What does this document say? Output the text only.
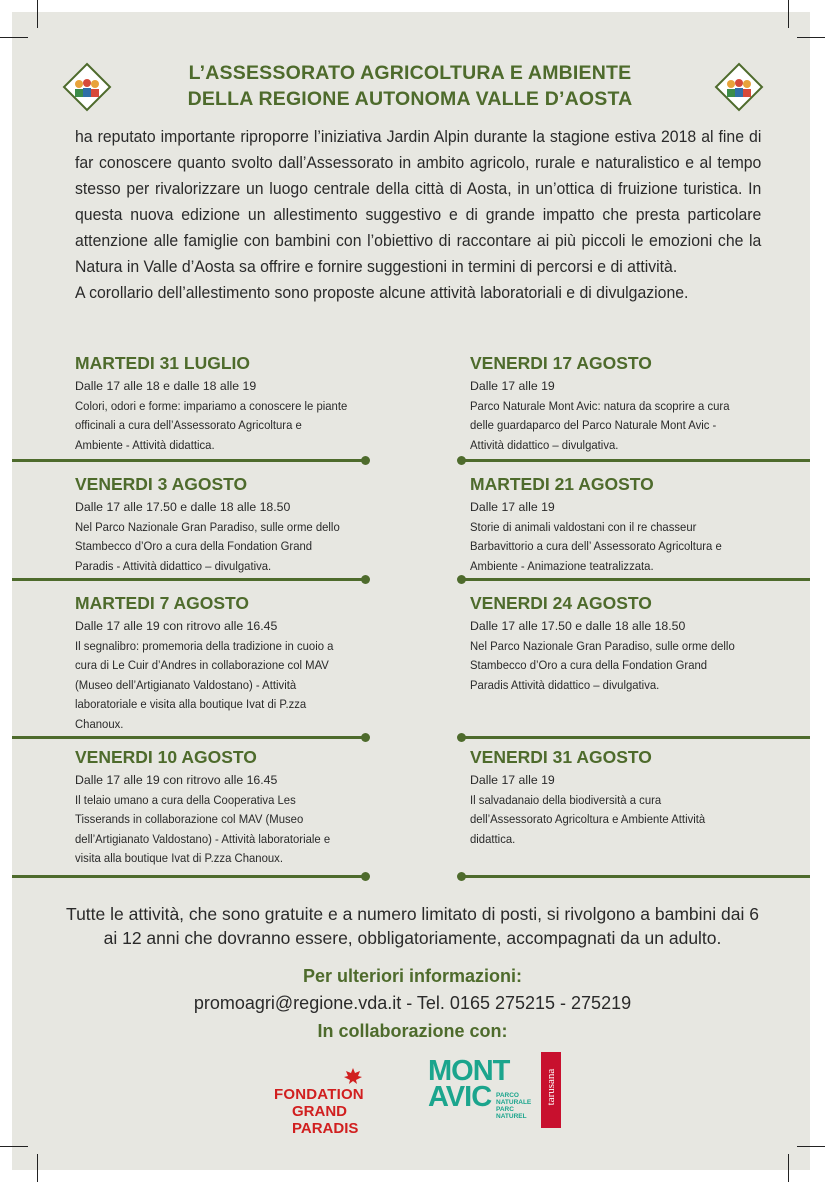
L’ASSESSORATO AGRICOLTURA E AMBIENTE
DELLA REGIONE AUTONOMA VALLE D’AOSTA

ha reputato importante riproporre l’iniziativa Jardin Alpin durante la stagione estiva 2018 al fine di far conoscere quanto svolto dall’Assessorato in ambito agricolo, rurale e naturalistico e al tempo stesso per rivalorizzare un luogo centrale della città di Aosta, in un’ottica di fruizione turistica. In questa nuova edizione un allestimento suggestivo e di grande impatto che presta particolare attenzione alle famiglie con bambini con l’obiettivo di raccontare ai più piccoli le emozioni che la Natura in Valle d’Aosta sa offrire e fornire suggestioni in termini di percorsi e di attività.

A corollario dell’allestimento sono proposte alcune attività laboratoriali e di divulgazione.

MARTEDI 31 LUGLIO
Dalle 17 alle 18 e dalle 18 alle 19
Colori, odori e forme: impariamo a conoscere le piante officinali a cura dell’Assessorato Agricoltura e Ambiente - Attività didattica.
VENERDI 17 AGOSTO
Dalle 17 alle 19
Parco Naturale Mont Avic: natura da scoprire a cura delle guardaparco del Parco Naturale Mont Avic - Attività didattico – divulgativa.
VENERDI 3 AGOSTO
Dalle 17 alle 17.50 e dalle 18 alle 18.50
Nel Parco Nazionale Gran Paradiso, sulle orme dello Stambecco d’Oro a cura della Fondation Grand Paradis - Attività didattico – divulgativa.
MARTEDI 21 AGOSTO
Dalle 17 alle 19
Storie di animali valdostani con il re chasseur Barbavittorio a cura dell’ Assessorato Agricoltura e Ambiente - Animazione teatralizzata.
MARTEDI 7 AGOSTO
Dalle 17 alle 19 con ritrovo alle 16.45
Il segnalibro: promemoria della tradizione in cuoio a cura di Le Cuir d’Andres in collaborazione col MAV (Museo dell’Artigianato Valdostano) - Attività laboratoriale e visita alla boutique Ivat di P.zza Chanoux.
VENERDI 24 AGOSTO
Dalle 17 alle 17.50 e dalle 18 alle 18.50
Nel Parco Nazionale Gran Paradiso, sulle orme dello Stambecco d’Oro a cura della Fondation Grand Paradis Attività didattico – divulgativa.
VENERDI 10 AGOSTO
Dalle 17 alle 19 con ritrovo alle 16.45
Il telaio umano a cura della Cooperativa Les Tisserands in collaborazione col MAV (Museo dell’Artigianato Valdostano) - Attività laboratoriale e visita alla boutique Ivat di P.zza Chanoux.
VENERDI 31 AGOSTO
Dalle 17 alle 19
Il salvadanaio della biodiversità a cura dell’Assessorato Agricoltura e Ambiente Attività didattica.
Tutte le attività, che sono gratuite e a numero limitato di posti, si rivolgono a bambini dai 6 ai 12 anni che dovranno essere, obbligatoriamente, accompagnati da un adulto.
Per ulteriori informazioni:
promoagri@regione.vda.it - Tel. 0165 275215 - 275219
In collaborazione con:
FONDATION
GRAND PARADIS
MONT AVIC PARCO NATURALE PARC NATUREL
tarusana
